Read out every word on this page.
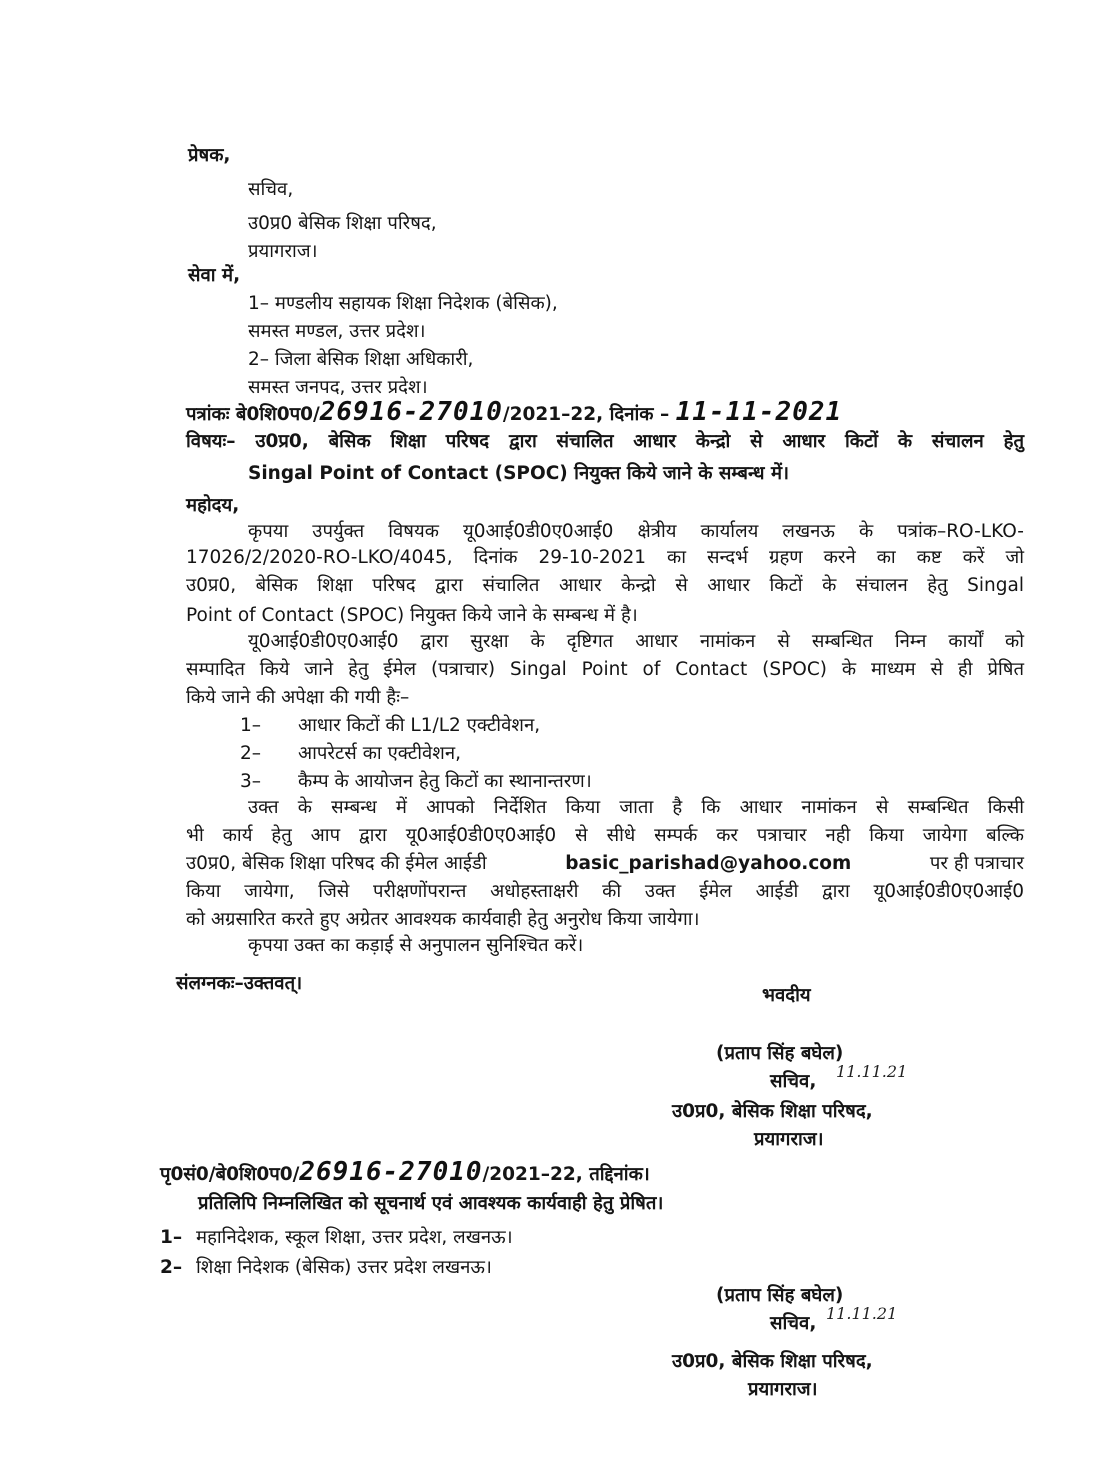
प्रेषक,
सचिव,
उ0प्र0 बेसिक शिक्षा परिषद,
प्रयागराज।
सेवा में,
1– मण्डलीय सहायक शिक्षा निदेशक (बेसिक),
समस्त मण्डल, उत्तर प्रदेश।
2– जिला बेसिक शिक्षा अधिकारी,
समस्त जनपद, उत्तर प्रदेश।
पत्रांकः बे0शि0प0/26916-27010/2021–22, दिनांक – 11-11-2021
विषयः– उ0प्र0, बेसिक शिक्षा परिषद द्वारा संचालित आधार केन्द्रो से आधार किटों के संचालन हेतु
Singal Point of Contact (SPOC) नियुक्त किये जाने के सम्बन्ध में।
महोदय,
कृपया उपर्युक्त विषयक यू0आई0डी0ए0आई0 क्षेत्रीय कार्यालय लखनऊ के पत्रांक–RO-LKO-
17026/2/2020-RO-LKO/4045, दिनांक 29-10-2021 का सन्दर्भ ग्रहण करने का कष्ट करें जो
उ0प्र0, बेसिक शिक्षा परिषद द्वारा संचालित आधार केन्द्रो से आधार किटों के संचालन हेतु Singal
Point of Contact (SPOC) नियुक्त किये जाने के सम्बन्ध में है।
यू0आई0डी0ए0आई0 द्वारा सुरक्षा के दृष्टिगत आधार नामांकन से सम्बन्धित निम्न कार्यों को
सम्पादित किये जाने हेतु ईमेल (पत्राचार) Singal Point of Contact (SPOC) के माध्यम से ही प्रेषित
किये जाने की अपेक्षा की गयी हैः–
1– आधार किटों की L1/L2 एक्टीवेशन,
2– आपरेटर्स का एक्टीवेशन,
3– कैम्प के आयोजन हेतु किटों का स्थानान्तरण।
उक्त के सम्बन्ध में आपको निर्देशित किया जाता है कि आधार नामांकन से सम्बन्धित किसी
भी कार्य हेतु आप द्वारा यू0आई0डी0ए0आई0 से सीधे सम्पर्क कर पत्राचार नही किया जायेगा बल्कि
उ0प्र0, बेसिक शिक्षा परिषद की ईमेल आईडी	basic_parishad@yahoo.com	पर ही पत्राचार
किया जायेगा, जिसे परीक्षणोंपरान्त अधोहस्ताक्षरी की उक्त ईमेल आईडी द्वारा यू0आई0डी0ए0आई0
को अग्रसारित करते हुए अग्रेतर आवश्यक कार्यवाही हेतु अनुरोध किया जायेगा।
कृपया उक्त का कड़ाई से अनुपालन सुनिश्चित करें।
संलग्नकः–उक्तवत्।
भवदीय
(प्रताप सिंह बघेल)
11.11.21
सचिव,
उ0प्र0, बेसिक शिक्षा परिषद,
प्रयागराज।
पृ0सं0/बे0शि0प0/26916-27010/2021–22, तद्दिनांक।
प्रतिलिपि निम्नलिखित को सूचनार्थ एवं आवश्यक कार्यवाही हेतु प्रेषित।
1– महानिदेशक, स्कूल शिक्षा, उत्तर प्रदेश, लखनऊ।
2– शिक्षा निदेशक (बेसिक) उत्तर प्रदेश लखनऊ।
(प्रताप सिंह बघेल)
11.11.21
सचिव,
उ0प्र0, बेसिक शिक्षा परिषद,
प्रयागराज।
